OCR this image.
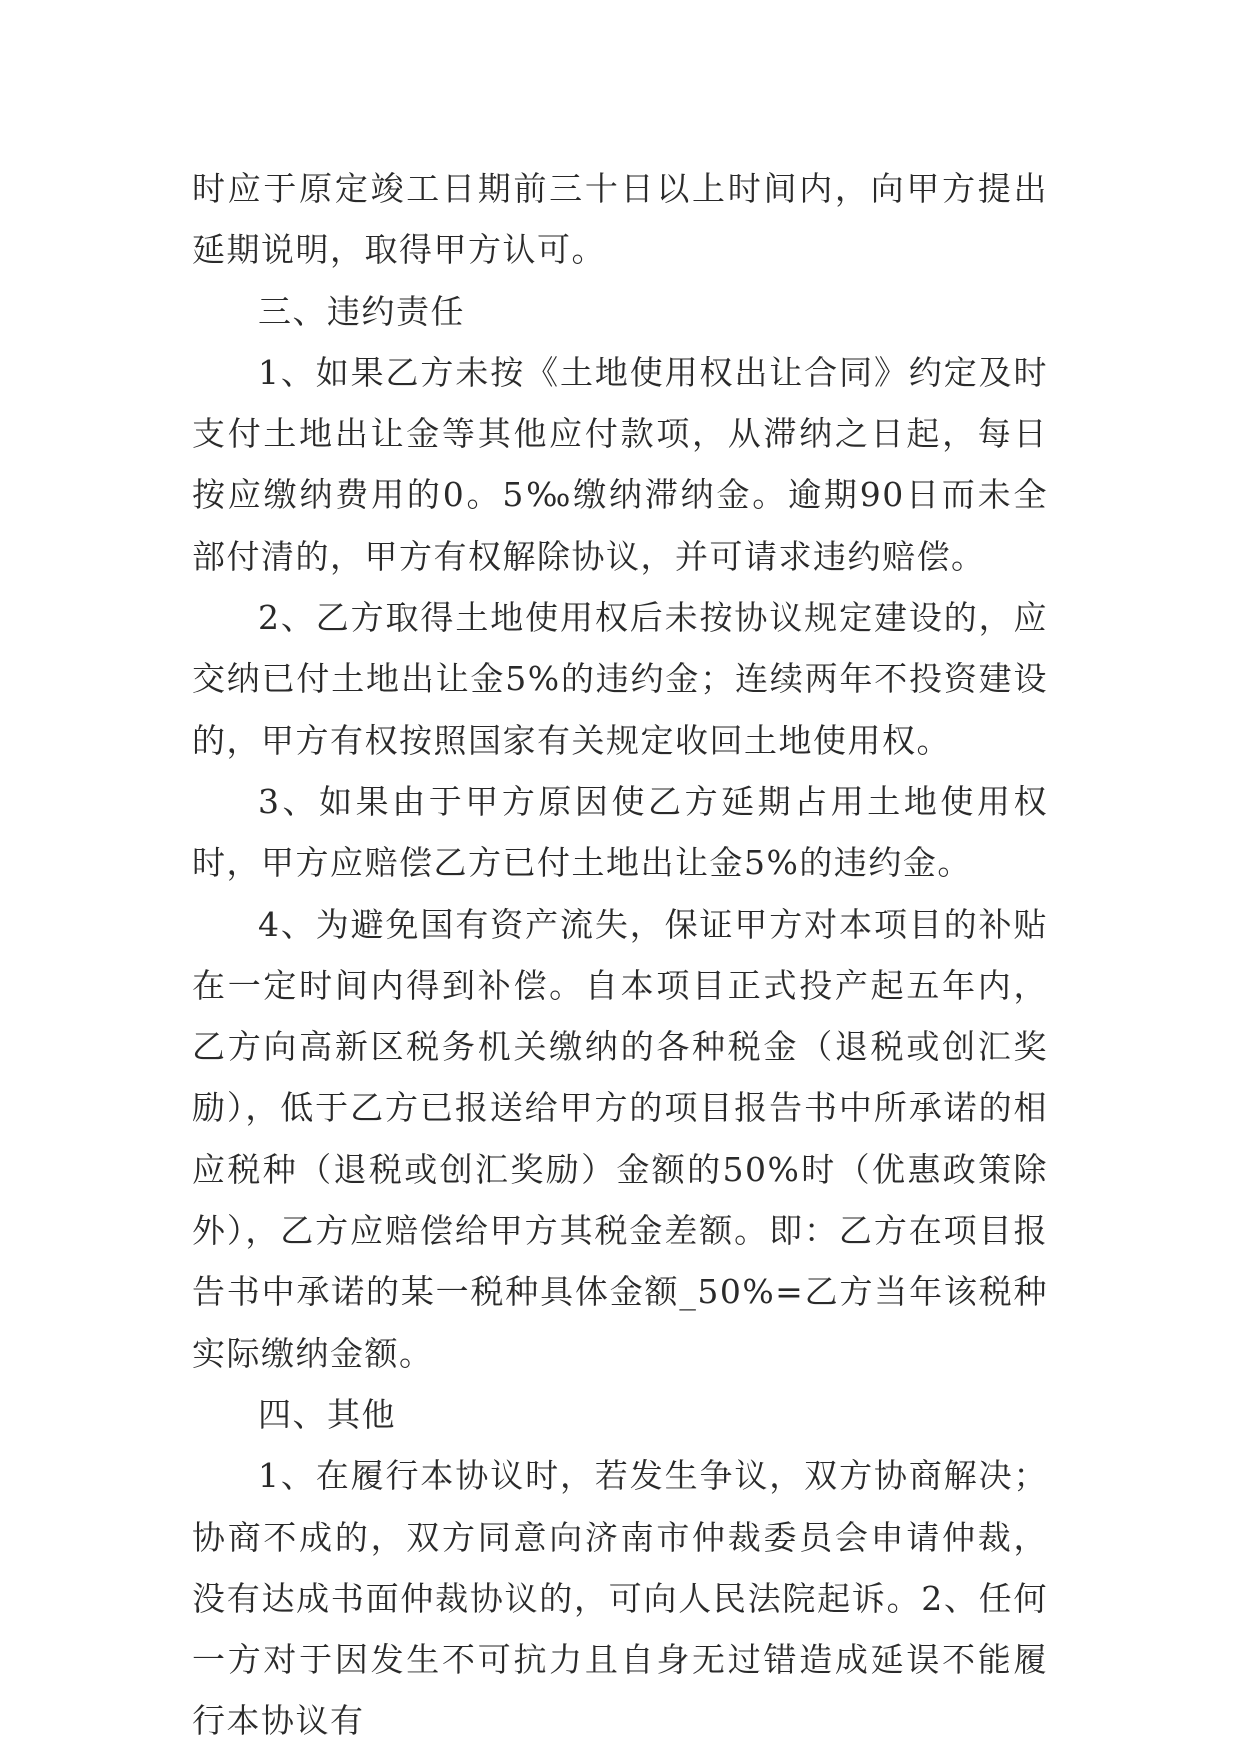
时应于原定竣工日期前三十日以上时间内，向甲方提出延期说明，取得甲方认可。

三、违约责任

1、如果乙方未按《土地使用权出让合同》约定及时支付土地出让金等其他应付款项，从滞纳之日起，每日按应缴纳费用的0。5‰缴纳滞纳金。逾期90日而未全部付清的，甲方有权解除协议，并可请求违约赔偿。

2、乙方取得土地使用权后未按协议规定建设的，应交纳已付土地出让金5%的违约金；连续两年不投资建设的，甲方有权按照国家有关规定收回土地使用权。

3、如果由于甲方原因使乙方延期占用土地使用权时，甲方应赔偿乙方已付土地出让金5%的违约金。

4、为避免国有资产流失，保证甲方对本项目的补贴在一定时间内得到补偿。自本项目正式投产起五年内，乙方向高新区税务机关缴纳的各种税金（退税或创汇奖励），低于乙方已报送给甲方的项目报告书中所承诺的相应税种（退税或创汇奖励）金额的50%时（优惠政策除外），乙方应赔偿给甲方其税金差额。即：乙方在项目报告书中承诺的某一税种具体金额_50%=乙方当年该税种实际缴纳金额。

四、其他

1、在履行本协议时，若发生争议，双方协商解决；协商不成的，双方同意向济南市仲裁委员会申请仲裁，没有达成书面仲裁协议的，可向人民法院起诉。2、任何一方对于因发生不可抗力且自身无过错造成延误不能履行本协议有
